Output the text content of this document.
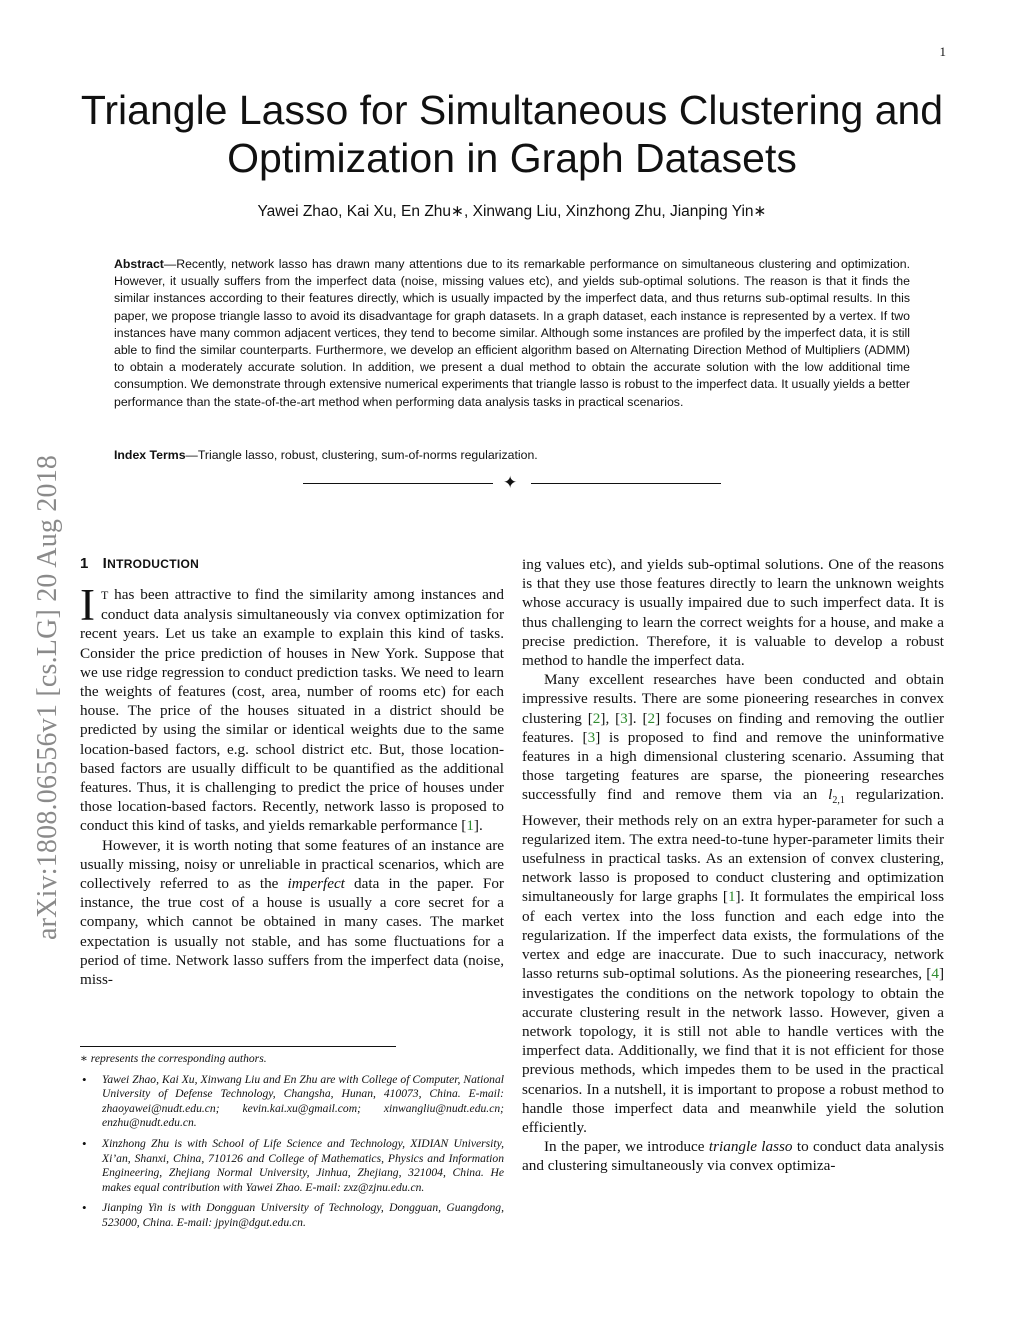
1
Triangle Lasso for Simultaneous Clustering and Optimization in Graph Datasets
Yawei Zhao, Kai Xu, En Zhu∗, Xinwang Liu, Xinzhong Zhu, Jianping Yin∗
Abstract—Recently, network lasso has drawn many attentions due to its remarkable performance on simultaneous clustering and optimization. However, it usually suffers from the imperfect data (noise, missing values etc), and yields sub-optimal solutions. The reason is that it finds the similar instances according to their features directly, which is usually impacted by the imperfect data, and thus returns sub-optimal results. In this paper, we propose triangle lasso to avoid its disadvantage for graph datasets. In a graph dataset, each instance is represented by a vertex. If two instances have many common adjacent vertices, they tend to become similar. Although some instances are profiled by the imperfect data, it is still able to find the similar counterparts. Furthermore, we develop an efficient algorithm based on Alternating Direction Method of Multipliers (ADMM) to obtain a moderately accurate solution. In addition, we present a dual method to obtain the accurate solution with the low additional time consumption. We demonstrate through extensive numerical experiments that triangle lasso is robust to the imperfect data. It usually yields a better performance than the state-of-the-art method when performing data analysis tasks in practical scenarios.
Index Terms—Triangle lasso, robust, clustering, sum-of-norms regularization.
✦
arXiv:1808.06556v1 [cs.LG] 20 Aug 2018	1 INTRODUCTION

I T has been attractive to find the similarity among instances and conduct data analysis simultaneously via convex optimization for recent years. Let us take an example to explain this kind of tasks. Consider the price prediction of houses in New York. Suppose that we use ridge regression to conduct prediction tasks. We need to learn the weights of features (cost, area, number of rooms etc) for each house. The price of the houses situated in a district should be predicted by using the similar or identical weights due to the same location-based factors, e.g. school district etc. But, those location-based factors are usually difficult to be quantified as the additional features. Thus, it is challenging to predict the price of houses under those location-based factors. Recently, network lasso is proposed to conduct this kind of tasks, and yields remarkable performance [1].

However, it is worth noting that some features of an instance are usually missing, noisy or unreliable in practical scenarios, which are collectively referred to as the imperfect data in the paper. For instance, the true cost of a house is usually a core secret for a company, which cannot be obtained in many cases. The market expectation is usually not stable, and has some fluctuations for a period of time. Network lasso suffers from the imperfect data (noise, miss-

∗ represents the corresponding authors.

• Yawei Zhao, Kai Xu, Xinwang Liu and En Zhu are with College of Computer, National University of Defense Technology, Changsha, Hunan, 410073, China. E-mail: zhaoyawei@nudt.edu.cn; kevin.kai.xu@gmail.com; xinwangliu@nudt.edu.cn; enzhu@nudt.edu.cn.

• Xinzhong Zhu is with School of Life Science and Technology, XIDIAN University, Xi’an, Shanxi, China, 710126 and College of Mathematics, Physics and Information Engineering, Zhejiang Normal University, Jinhua, Zhejiang, 321004, China. He makes equal contribution with Yawei Zhao. E-mail: zxz@zjnu.edu.cn.

• Jianping Yin is with Dongguan University of Technology, Dongguan, Guangdong, 523000, China. E-mail: jpyin@dgut.edu.cn.

ing values etc), and yields sub-optimal solutions. One of the reasons is that they use those features directly to learn the unknown weights whose accuracy is usually impaired due to such imperfect data. It is thus challenging to learn the correct weights for a house, and make a precise prediction. Therefore, it is valuable to develop a robust method to handle the imperfect data.

Many excellent researches have been conducted and obtain impressive results. There are some pioneering researches in convex clustering [2], [3]. [2] focuses on finding and removing the outlier features. [3] is proposed to find and remove the uninformative features in a high dimensional clustering scenario. Assuming that those targeting features are sparse, the pioneering researches successfully find and remove them via an $l_{2,1}$ regularization. However, their methods rely on an extra hyper-parameter for such a regularized item. The extra need-to-tune hyper-parameter limits their usefulness in practical tasks. As an extension of convex clustering, network lasso is proposed to conduct clustering and optimization simultaneously for large graphs [1]. It formulates the empirical loss of each vertex into the loss function and each edge into the regularization. If the imperfect data exists, the formulations of the vertex and edge are inaccurate. Due to such inaccuracy, network lasso returns sub-optimal solutions. As the pioneering researches, [4] investigates the conditions on the network topology to obtain the accurate clustering result in the network lasso. However, given a network topology, it is still not able to handle vertices with the imperfect data. Additionally, we find that it is not efficient for those previous methods, which impedes them to be used in the practical scenarios. In a nutshell, it is important to propose a robust method to handle those imperfect data and meanwhile yield the solution efficiently.

In the paper, we introduce triangle lasso to conduct data analysis and clustering simultaneously via convex optimiza-
